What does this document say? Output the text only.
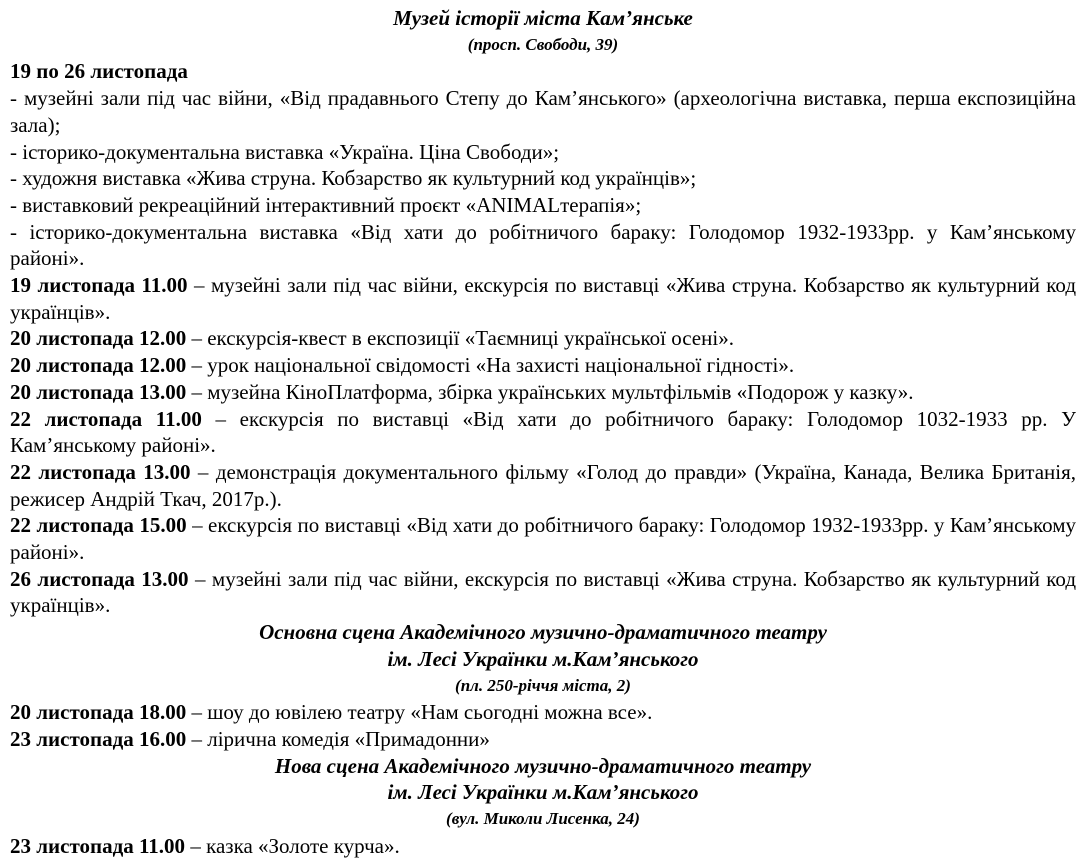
Музей історії міста Кам’янське
(просп. Свободи, 39)

19 по 26 листопада

- музейні зали під час війни, «Від прадавнього Степу до Кам’янського» (археологічна виставка, перша експозиційна зала);

- історико-документальна виставка «Україна. Ціна Свободи»;

- художня виставка «Жива струна. Кобзарство як культурний код українців»;

- виставковий рекреаційний інтерактивний проєкт «ANIMALтерапія»;

- історико-документальна виставка «Від хати до робітничого бараку: Голодомор 1932-1933рр. у Кам’янському районі».

19 листопада 11.00 – музейні зали під час війни, екскурсія по виставці «Жива струна. Кобзарство як культурний код українців».

20 листопада 12.00 – екскурсія-квест в експозиції «Таємниці української осені».

20 листопада 12.00 – урок національної свідомості «На захисті національної гідності».

20 листопада 13.00 – музейна КіноПлатформа, збірка українських мультфільмів «Подорож у казку».

22 листопада 11.00 – екскурсія по виставці «Від хати до робітничого бараку: Голодомор 1032-1933 рр. У Кам’янському районі».

22 листопада 13.00 – демонстрація документального фільму «Голод до правди» (Україна, Канада, Велика Британія, режисер Андрій Ткач, 2017р.).

22 листопада 15.00 – екскурсія по виставці «Від хати до робітничого бараку: Голодомор 1932-1933рр. у Кам’янському районі».

26 листопада 13.00 – музейні зали під час війни, екскурсія по виставці «Жива струна. Кобзарство як культурний код українців».

Основна сцена Академічного музично-драматичного театру
ім. Лесі Українки м.Кам’янського
(пл. 250-річчя міста, 2)

20 листопада 18.00 – шоу до ювілею театру «Нам сьогодні можна все».

23 листопада 16.00 – лірична комедія «Примадонни»

Нова сцена Академічного музично-драматичного театру
ім. Лесі Українки м.Кам’янського
(вул. Миколи Лисенка, 24)

23 листопада 11.00 – казка «Золоте курча».
